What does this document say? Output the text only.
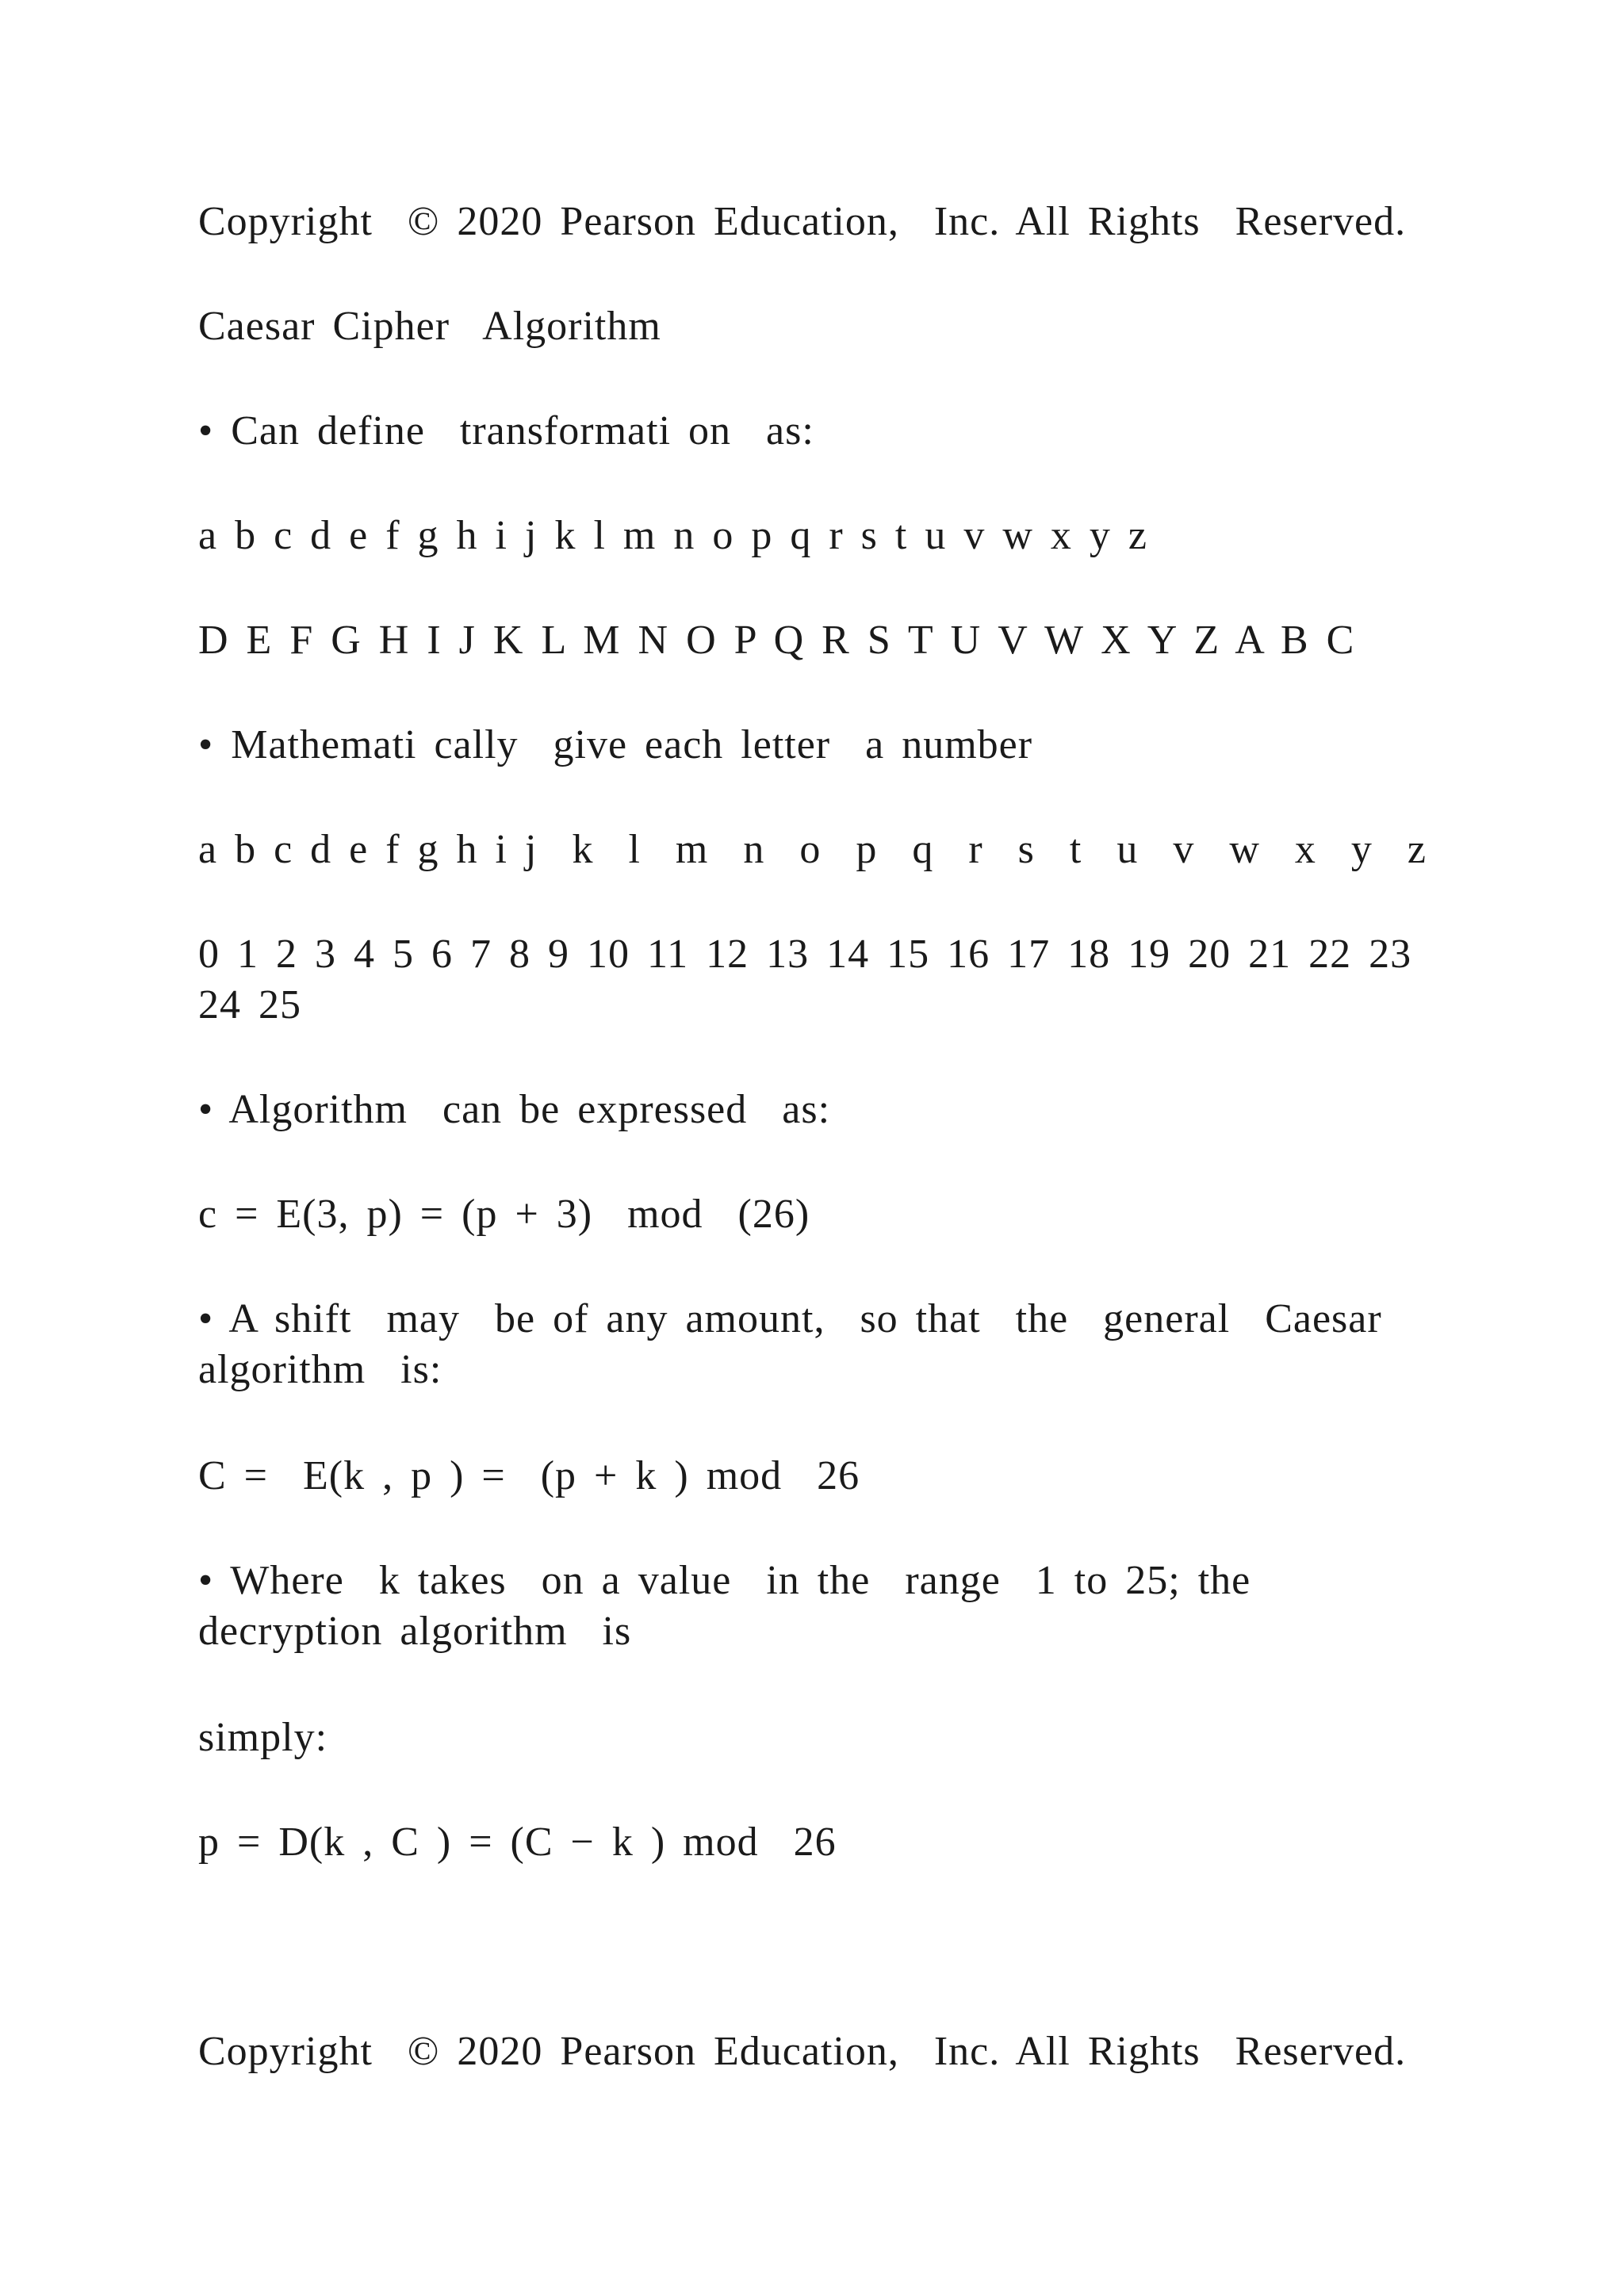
Copyright  © 2020 Pearson Education,  Inc. All Rights  Reserved.
Caesar Cipher  Algorithm
• Can define  transformati on  as:
a b c d e f g h i j k l m n o p q r s t u v w x y z
D E F G H I J K L M N O P Q R S T U V W X Y Z A B C
• Mathemati cally  give each letter  a number
a b c d e f g h i j  k  l  m  n  o  p  q  r  s  t  u  v  w  x  y  z
0 1 2 3 4 5 6 7 8 9 10 11 12 13 14 15 16 17 18 19 20 21 22 23 24 25
• Algorithm  can be expressed  as:
c = E(3, p) = (p + 3)  mod  (26)
• A shift  may  be of any amount,  so that  the  general  Caesar algorithm  is:
C =  E(k , p ) =  (p + k ) mod  26
• Where  k takes  on a value  in the  range  1 to 25; the  decryption algorithm  is
simply:
p = D(k , C ) = (C − k ) mod  26
Copyright  © 2020 Pearson Education,  Inc. All Rights  Reserved.
